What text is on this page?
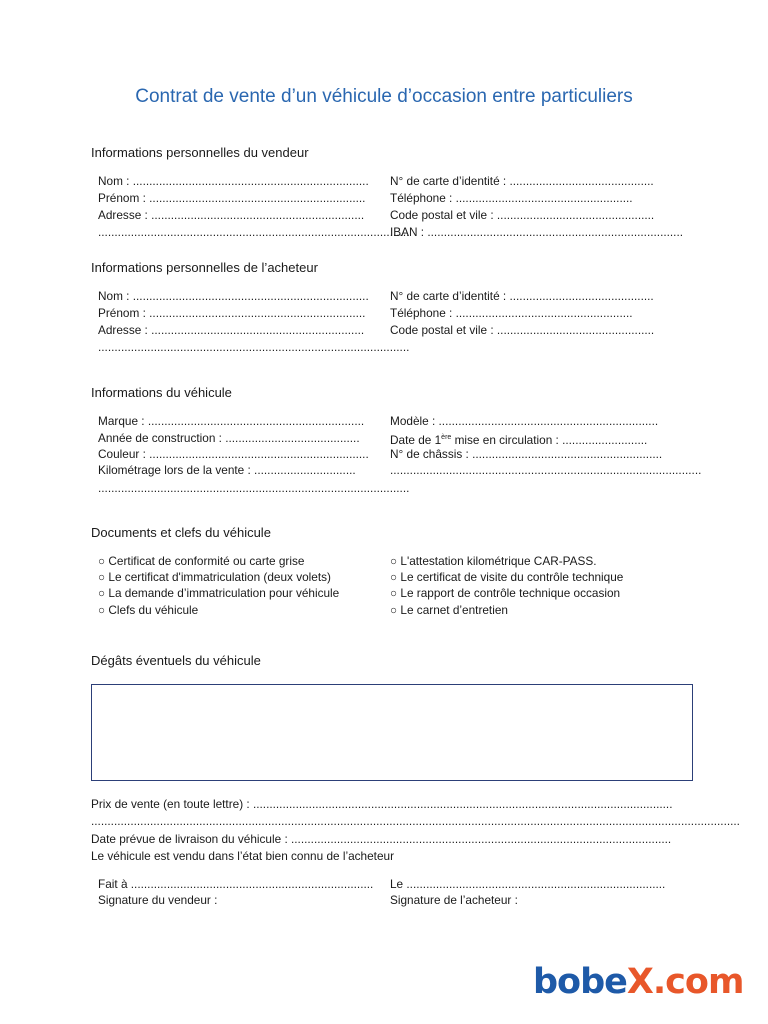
Contrat de vente d’un véhicule d’occasion entre particuliers
Informations personnelles du vendeur
Nom : ........................................................................
Prénom : ..................................................................
Adresse : .................................................................
...............................................................................................
N° de carte d’identité : ............................................
Téléphone : ......................................................
Code postal et vile : ................................................
IBAN : ..............................................................................
Informations personnelles de l’acheteur
Nom : ........................................................................
Prénom : ..................................................................
Adresse : .................................................................
...............................................................................................
N° de carte d’identité : ............................................
Téléphone : ......................................................
Code postal et vile : ................................................
Informations du véhicule
Marque : ..................................................................
Année de construction : .........................................
Couleur : ...................................................................
Kilométrage lors de la vente : ...............................
...............................................................................................
Modèle : ...................................................................
Date de 1ère mise en circulation : ..........................
N° de châssis : ..........................................................
...............................................................................................
Documents et clefs du véhicule
○ Certificat de conformité ou carte grise
○ Le certificat d'immatriculation (deux volets)
○ La demande d’immatriculation pour véhicule
○ Clefs du véhicule
○ L'attestation kilométrique CAR-PASS.
○ Le certificat de visite du contrôle technique
○ Le rapport de contrôle technique occasion
○ Le carnet d’entretien
Dégâts éventuels du véhicule
Prix de vente (en toute lettre) : ................................................................................................................................
......................................................................................................................................................................................................
Date prévue de livraison du véhicule : ....................................................................................................................
Le véhicule est vendu dans l’état bien connu de l’acheteur
Fait à ..........................................................................
Signature du vendeur :
Le ...............................................................................
Signature de l’acheteur :
bobeX.com
